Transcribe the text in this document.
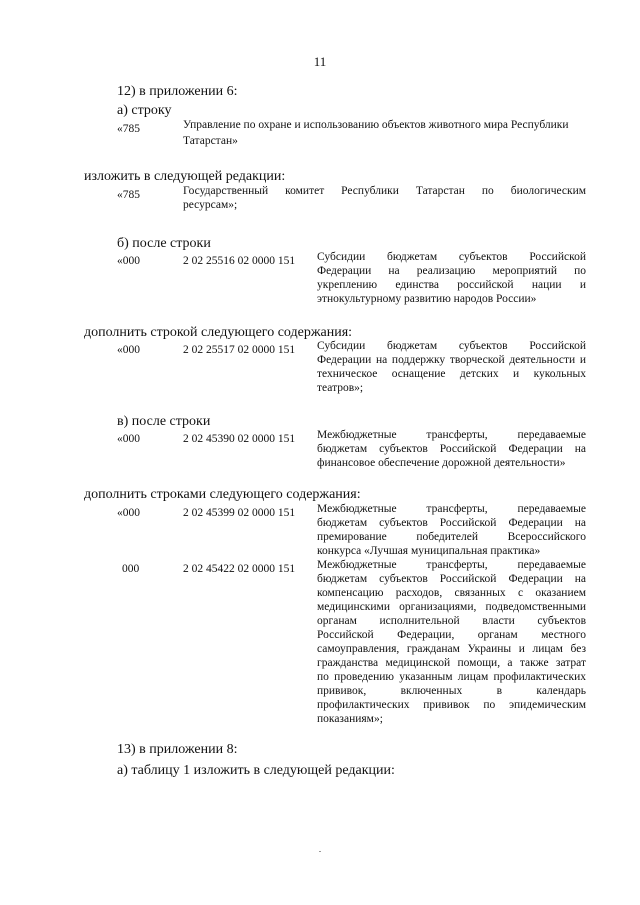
11
12) в приложении 6:
а) строку
«785	Управление по охране и использованию объектов животного мира Республики
Татарстан»
изложить в следующей редакции:
«785	Государственный комитет Республики Татарстан по биологическим
ресурсам»;
б) после строки
«000	2 02 25516 02 0000 151 Субсидии бюджетам субъектов Российской
Федерации на реализацию мероприятий по
укреплению единства российской нации и
этнокультурному развитию народов России»
дополнить строкой следующего содержания:
«000	2 02 25517 02 0000 151 Субсидии бюджетам субъектов Российской
Федерации на поддержку творческой деятельности и
техническое оснащение детских и кукольных
театров»;
в) после строки
«000	2 02 45390 02 0000 151 Межбюджетные трансферты, передаваемые
бюджетам субъектов Российской Федерации на
финансовое обеспечение дорожной деятельности»
дополнить строками следующего содержания:
«000	2 02 45399 02 0000 151 Межбюджетные трансферты, передаваемые
бюджетам субъектов Российской Федерации на
премирование победителей Всероссийского
конкурса «Лучшая муниципальная практика»
000	2 02 45422 02 0000 151 Межбюджетные трансферты, передаваемые
бюджетам субъектов Российской Федерации на
компенсацию расходов, связанных с оказанием
медицинскими организациями, подведомственными
органам исполнительной власти субъектов
Российской Федерации, органам местного
самоуправления, гражданам Украины и лицам без
гражданства медицинской помощи, а также затрат
по проведению указанным лицам профилактических
прививок, включенных в календарь
профилактических прививок по эпидемическим
показаниям»;
13) в приложении 8:
а) таблицу 1 изложить в следующей редакции:
